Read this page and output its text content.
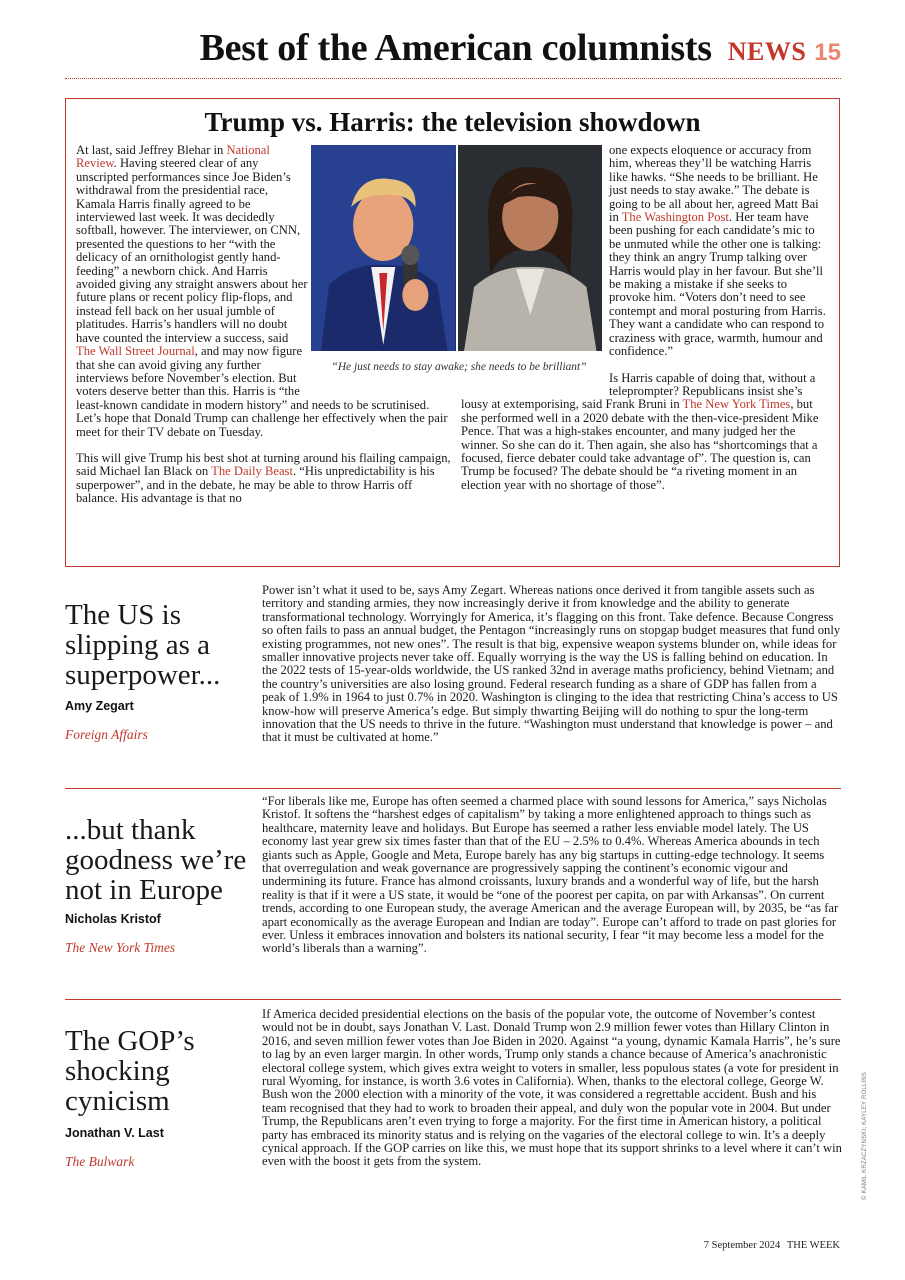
Best of the American columnists NEWS 15
Trump vs. Harris: the television showdown
“He just needs to stay awake; she needs to be brilliant”

At last, said Jeffrey Blehar in National Review. Having steered clear of any unscripted performances since Joe Biden’s withdrawal from the presidential race, Kamala Harris finally agreed to be interviewed last week. It was decidedly softball, however. The interviewer, on CNN, presented the questions to her “with the delicacy of an ornithologist gently hand-feeding” a newborn chick. And Harris avoided giving any straight answers about her future plans or recent policy flip-flops, and instead fell back on her usual jumble of platitudes. Harris’s handlers will no doubt have counted the interview a success, said The Wall Street Journal, and may now figure that she can avoid giving any further interviews before November’s election. But voters deserve better than this. Harris is “the least-known candidate in modern history” and needs to be scrutinised. Let’s hope that Donald Trump can challenge her effectively when the pair meet for their TV debate on Tuesday.

This will give Trump his best shot at turning around his flailing campaign, said Michael Ian Black on The Daily Beast. “His unpredictability is his superpower”, and in the debate, he may be able to throw Harris off balance. His advantage is that no

one expects eloquence or accuracy from him, whereas they’ll be watching Harris like hawks. “She needs to be brilliant. He just needs to stay awake.” The debate is going to be all about her, agreed Matt Bai in The Washington Post. Her team have been pushing for each candidate’s mic to be unmuted while the other one is talking: they think an angry Trump talking over Harris would play in her favour. But she’ll be making a mistake if she seeks to provoke him. “Voters don’t need to see contempt and moral posturing from Harris. They want a candidate who can respond to craziness with grace, warmth, humour and confidence.”

Is Harris capable of doing that, without a teleprompter? Republicans insist she’s lousy at extemporising, said Frank Bruni in The New York Times, but she performed well in a 2020 debate with the then-vice-president Mike Pence. That was a high-stakes encounter, and many judged her the winner. So she can do it. Then again, she also has “shortcomings that a focused, fierce debater could take advantage of”. The question is, can Trump be focused? The debate should be “a riveting moment in an election year with no shortage of those”.

The US is slipping as a superpower...
Amy Zegart
Foreign Affairs
Power isn’t what it used to be, says Amy Zegart. Whereas nations once derived it from tangible assets such as territory and standing armies, they now increasingly derive it from knowledge and the ability to generate transformational technology. Worryingly for America, it’s flagging on this front. Take defence. Because Congress so often fails to pass an annual budget, the Pentagon “increasingly runs on stopgap budget measures that fund only existing programmes, not new ones”. The result is that big, expensive weapon systems blunder on, while ideas for smaller innovative projects never take off. Equally worrying is the way the US is falling behind on education. In the 2022 tests of 15-year-olds worldwide, the US ranked 32nd in average maths proficiency, behind Vietnam; and the country’s universities are also losing ground. Federal research funding as a share of GDP has fallen from a peak of 1.9% in 1964 to just 0.7% in 2020. Washington is clinging to the idea that restricting China’s access to US know-how will preserve America’s edge. But simply thwarting Beijing will do nothing to spur the long-term innovation that the US needs to thrive in the future. “Washington must understand that knowledge is power – and that it must be cultivated at home.”
...but thank goodness we’re not in Europe
Nicholas Kristof
The New York Times
“For liberals like me, Europe has often seemed a charmed place with sound lessons for America,” says Nicholas Kristof. It softens the “harshest edges of capitalism” by taking a more enlightened approach to things such as healthcare, maternity leave and holidays. But Europe has seemed a rather less enviable model lately. The US economy last year grew six times faster than that of the EU – 2.5% to 0.4%. Whereas America abounds in tech giants such as Apple, Google and Meta, Europe barely has any big startups in cutting-edge technology. It seems that overregulation and weak governance are progressively sapping the continent’s economic vigour and undermining its future. France has almond croissants, luxury brands and a wonderful way of life, but the harsh reality is that if it were a US state, it would be “one of the poorest per capita, on par with Arkansas”. On current trends, according to one European study, the average American and the average European will, by 2035, be “as far apart economically as the average European and Indian are today”. Europe can’t afford to trade on past glories for ever. Unless it embraces innovation and bolsters its national security, I fear “it may become less a model for the world’s liberals than a warning”.
The GOP’s shocking cynicism
Jonathan V. Last
The Bulwark
If America decided presidential elections on the basis of the popular vote, the outcome of November’s contest would not be in doubt, says Jonathan V. Last. Donald Trump won 2.9 million fewer votes than Hillary Clinton in 2016, and seven million fewer votes than Joe Biden in 2020. Against “a young, dynamic Kamala Harris”, he’s sure to lag by an even larger margin. In other words, Trump only stands a chance because of America’s anachronistic electoral college system, which gives extra weight to voters in smaller, less populous states (a vote for president in rural Wyoming, for instance, is worth 3.6 votes in California). When, thanks to the electoral college, George W. Bush won the 2000 election with a minority of the vote, it was considered a regrettable accident. Bush and his team recognised that they had to work to broaden their appeal, and duly won the popular vote in 2004. But under Trump, the Republicans aren’t even trying to forge a majority. For the first time in American history, a political party has embraced its minority status and is relying on the vagaries of the electoral college to win. It’s a deeply cynical approach. If the GOP carries on like this, we must hope that its support shrinks to a level where it can’t win even with the boost it gets from the system.	© KAMIL KRZACZYNSKI; KAYLEY ROLLINS
7 September 2024 THE WEEK
